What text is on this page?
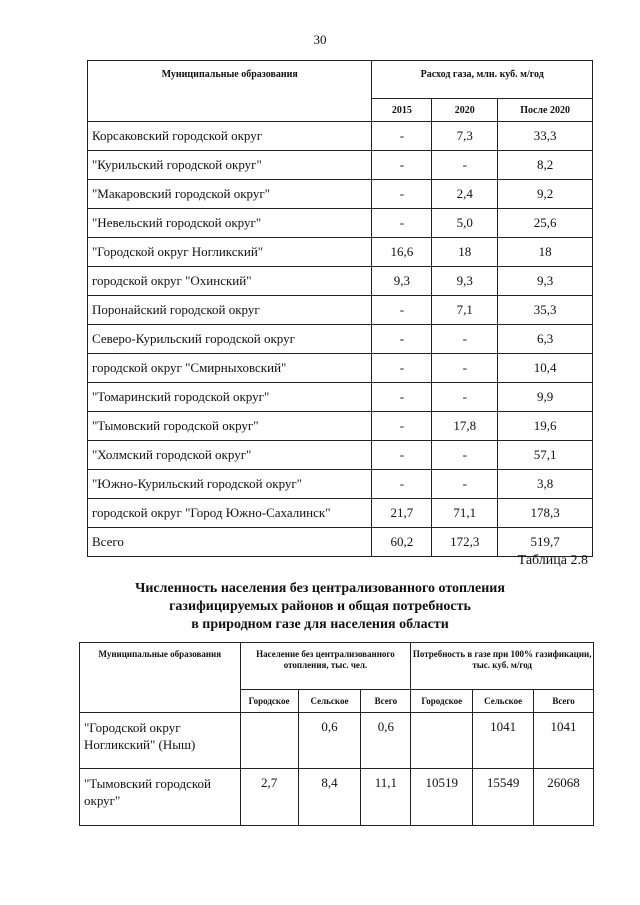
30
Муниципальные образования	Расход газа, млн. куб. м/год		
	2015	2020	После 2020
Корсаковский городской округ	-	7,3	33,3
"Курильский городской округ"	-	-	8,2
"Макаровский городской округ"	-	2,4	9,2
"Невельский городской округ"	-	5,0	25,6
"Городской округ Ногликский"	16,6	18	18
городской округ "Охинский"	9,3	9,3	9,3
Поронайский городской округ	-	7,1	35,3
Северо-Курильский городской округ	-	-	6,3
городской округ "Смирныховский"	-	-	10,4
"Томаринский городской округ"	-	-	9,9
"Тымовский городской округ"	-	17,8	19,6
"Холмский городской округ"	-	-	57,1
"Южно-Курильский городской округ"	-	-	3,8
городской округ "Город Южно-Сахалинск"	21,7	71,1	178,3
Всего	60,2	172,3	519,7
Таблица 2.8
Численность населения без централизованного отопления
газифицируемых районов и общая потребность
в природном газе для населения области
Муниципальные образования	Население без централизованного отопления, тыс. чел.			Потребность в газе при 100% газификации, тыс. куб. м/год		
	Городское	Сельское	Всего	Городское	Сельское	Всего
"Городской округ Ногликский" (Ныш)		0,6	0,6		1041	1041
"Тымовский городской округ"	2,7	8,4	11,1	10519	15549	26068
